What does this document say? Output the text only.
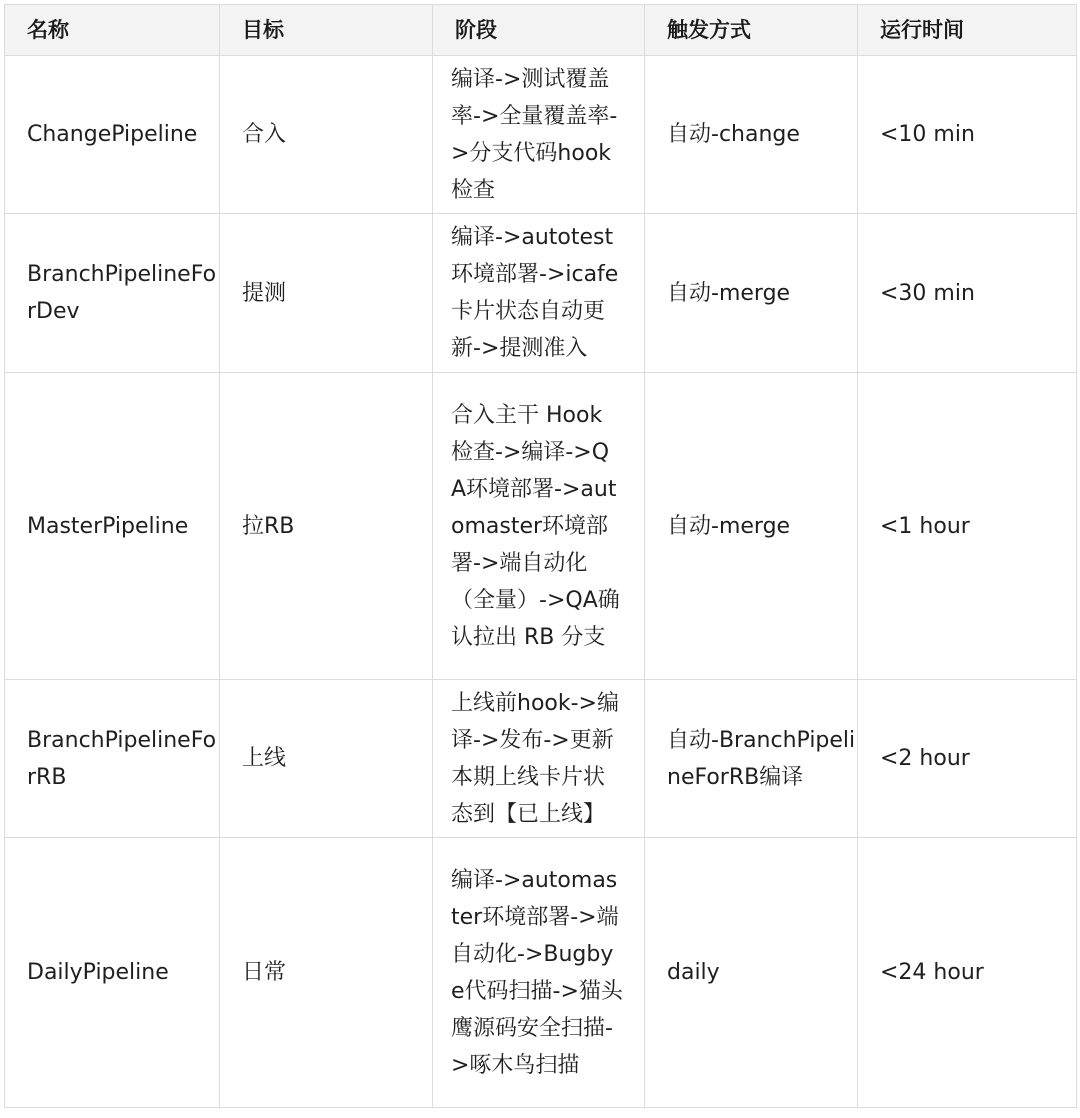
名称	目标	阶段	触发方式	运行时间
ChangePipeline	合入	编译->测试覆盖率->全量覆盖率->分支代码hook检查	自动-change	<10 min
BranchPipelineForDev	提测	编译->autotest环境部署->icafe卡片状态自动更新->提测准入	自动-merge	<30 min
MasterPipeline	拉RB	合入主干 Hook检查->编译->QA环境部署->automaster环境部署->端自动化（全量）->QA确认拉出 RB 分支	自动-merge	<1 hour
BranchPipelineForRB	上线	上线前hook->编译->发布->更新本期上线卡片状态到【已上线】	自动-BranchPipelineForRB编译	<2 hour
DailyPipeline	日常	编译->automaster环境部署->端自动化->Bugbye代码扫描->猫头鹰源码安全扫描->啄木鸟扫描	daily	<24 hour
